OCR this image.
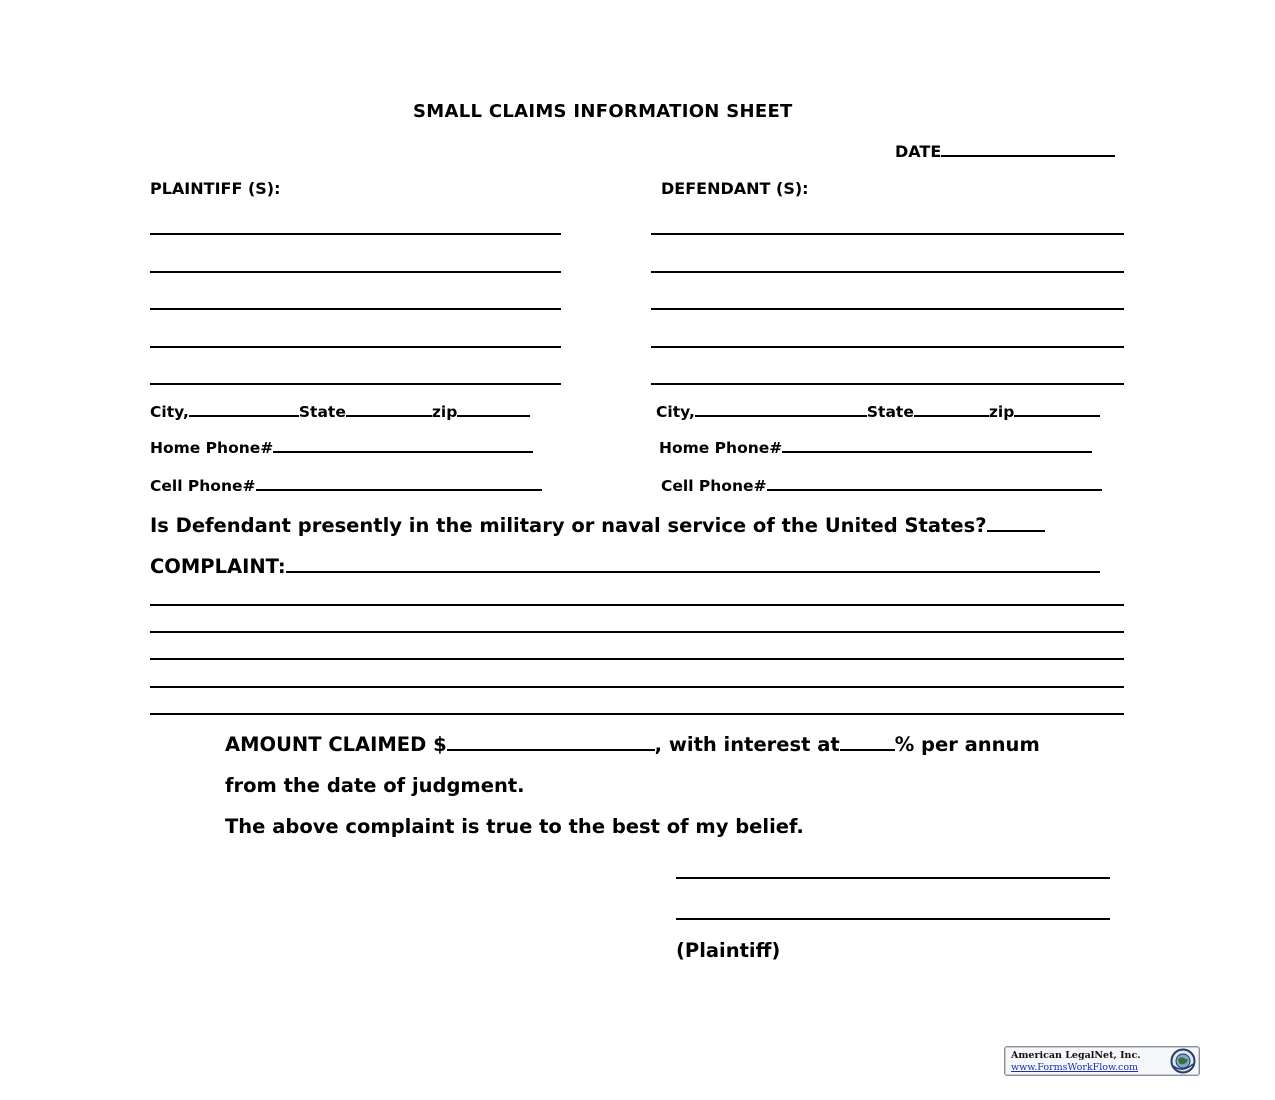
SMALL CLAIMS INFORMATION SHEET
DATE
PLAINTIFF (S):	DEFENDANT (S):
City,	State	zip	City,	State	zip
Home Phone#	Home Phone#
Cell Phone#	Cell Phone#
Is Defendant presently in the military or naval service of the United States?
COMPLAINT:
AMOUNT CLAIMED $	, with interest at	% per annum
from the date of judgment.
The above complaint is true to the best of my belief.
(Plaintiff)
American LegalNet, Inc.
www.FormsWorkFlow.com
